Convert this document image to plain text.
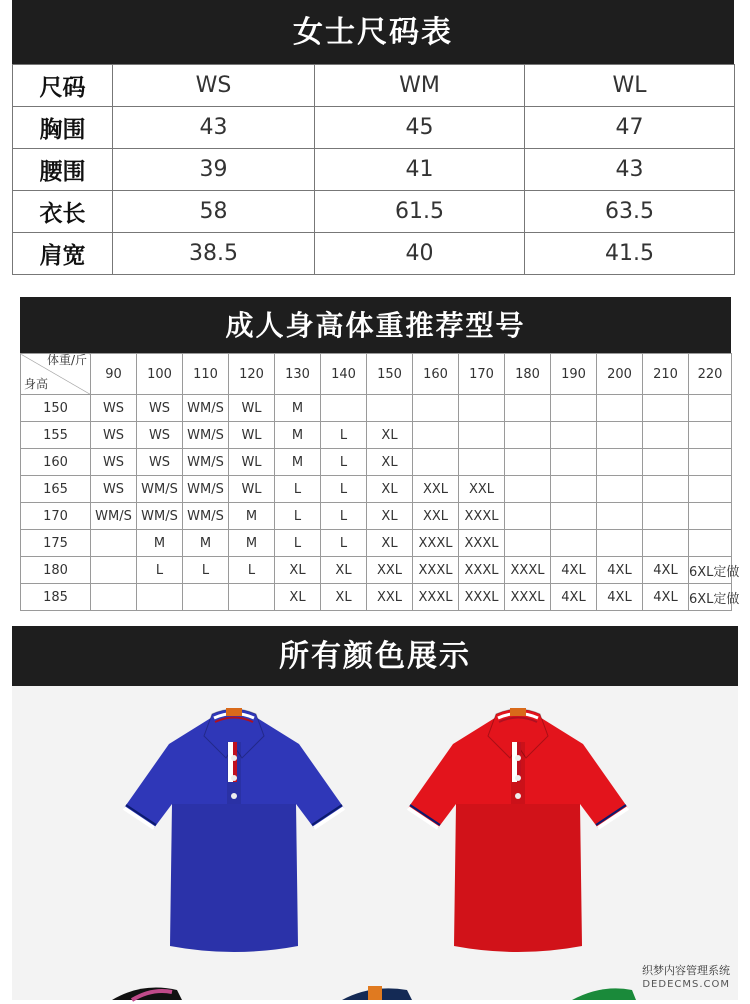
女士尺码表
尺码	WS	WM	WL
胸围	43	45	47
腰围	39	41	43
衣长	58	61.5	63.5
肩宽	38.5	40	41.5
成人身高体重推荐型号
体重/斤
身高	90	100	110	120	130	140	150	160	170	180	190	200	210	220
150	WS	WS	WM/S	WL	M									
155	WS	WS	WM/S	WL	M	L	XL							
160	WS	WS	WM/S	WL	M	L	XL							
165	WS	WM/S	WM/S	WL	L	L	XL	XXL	XXL					
170	WM/S	WM/S	WM/S	M	L	L	XL	XXL	XXXL					
175		M	M	M	L	L	XL	XXXL	XXXL					
180		L	L	L	XL	XL	XXL	XXXL	XXXL	XXXL	4XL	4XL	4XL	6XL定做
185					XL	XL	XXL	XXXL	XXXL	XXXL	4XL	4XL	4XL	6XL定做
所有颜色展示
织梦内容管理系统
DEDECMS.COM
